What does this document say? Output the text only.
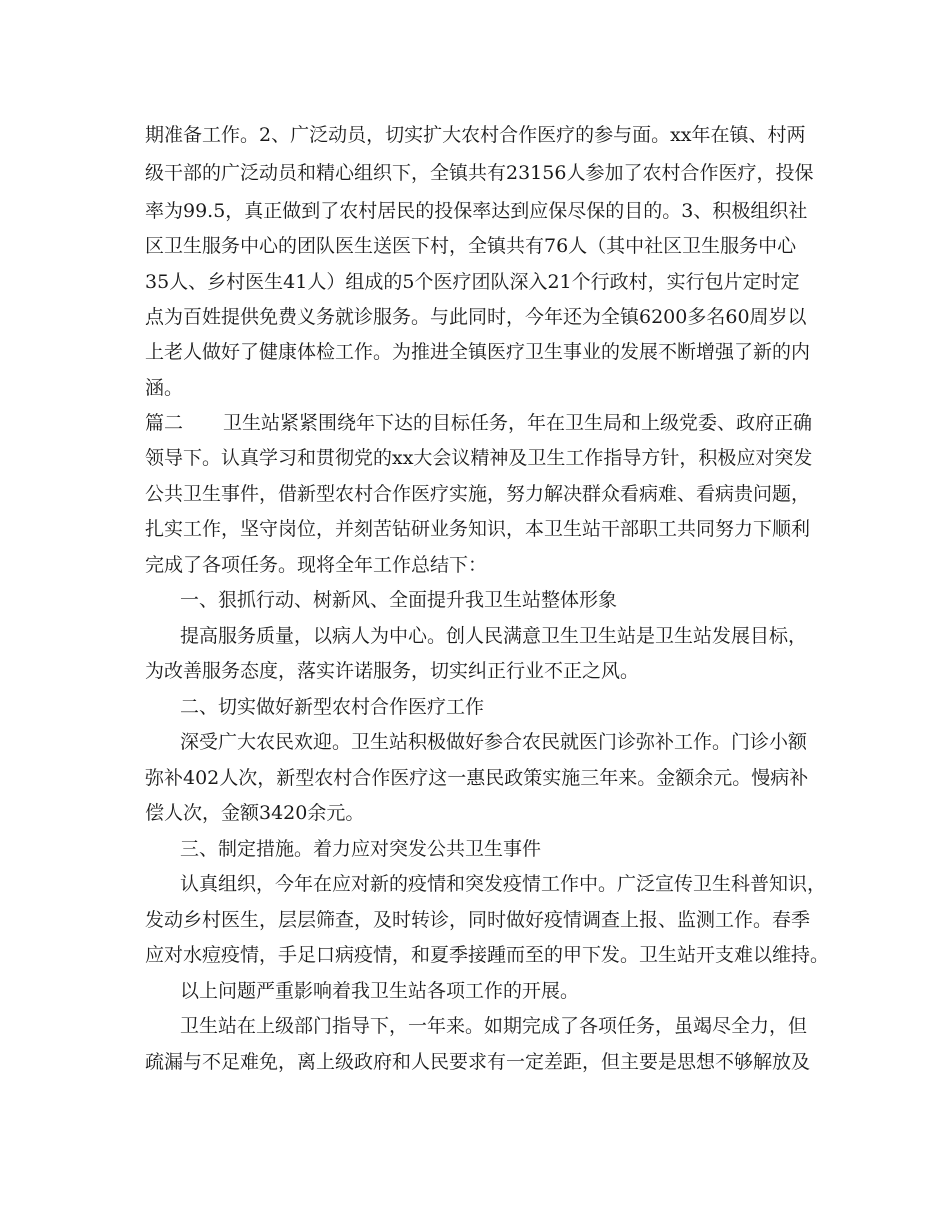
期准备工作。2、广泛动员，切实扩大农村合作医疗的参与面。xx年在镇、村两
级干部的广泛动员和精心组织下，全镇共有23156人参加了农村合作医疗，投保
率为99.5，真正做到了农村居民的投保率达到应保尽保的目的。3、积极组织社
区卫生服务中心的团队医生送医下村，全镇共有76人（其中社区卫生服务中心
35人、乡村医生41人）组成的5个医疗团队深入21个行政村，实行包片定时定
点为百姓提供免费义务就诊服务。与此同时，今年还为全镇6200多名60周岁以
上老人做好了健康体检工作。为推进全镇医疗卫生事业的发展不断增强了新的内
涵。
篇二 卫生站紧紧围绕年下达的目标任务，年在卫生局和上级党委、政府正确
领导下。认真学习和贯彻党的xx大会议精神及卫生工作指导方针，积极应对突发
公共卫生事件，借新型农村合作医疗实施，努力解决群众看病难、看病贵问题，
扎实工作，坚守岗位，并刻苦钻研业务知识，本卫生站干部职工共同努力下顺利
完成了各项任务。现将全年工作总结下：
一、狠抓行动、树新风、全面提升我卫生站整体形象
提高服务质量，以病人为中心。创人民满意卫生卫生站是卫生站发展目标，
为改善服务态度，落实许诺服务，切实纠正行业不正之风。
二、切实做好新型农村合作医疗工作
深受广大农民欢迎。卫生站积极做好参合农民就医门诊弥补工作。门诊小额
弥补402人次，新型农村合作医疗这一惠民政策实施三年来。金额余元。慢病补
偿人次，金额3420余元。
三、制定措施。着力应对突发公共卫生事件
认真组织，今年在应对新的疫情和突发疫情工作中。广泛宣传卫生科普知识，
发动乡村医生，层层筛查，及时转诊，同时做好疫情调查上报、监测工作。春季
应对水痘疫情，手足口病疫情，和夏季接踵而至的甲下发。卫生站开支难以维持。
以上问题严重影响着我卫生站各项工作的开展。
卫生站在上级部门指导下，一年来。如期完成了各项任务，虽竭尽全力，但
疏漏与不足难免，离上级政府和人民要求有一定差距，但主要是思想不够解放及
